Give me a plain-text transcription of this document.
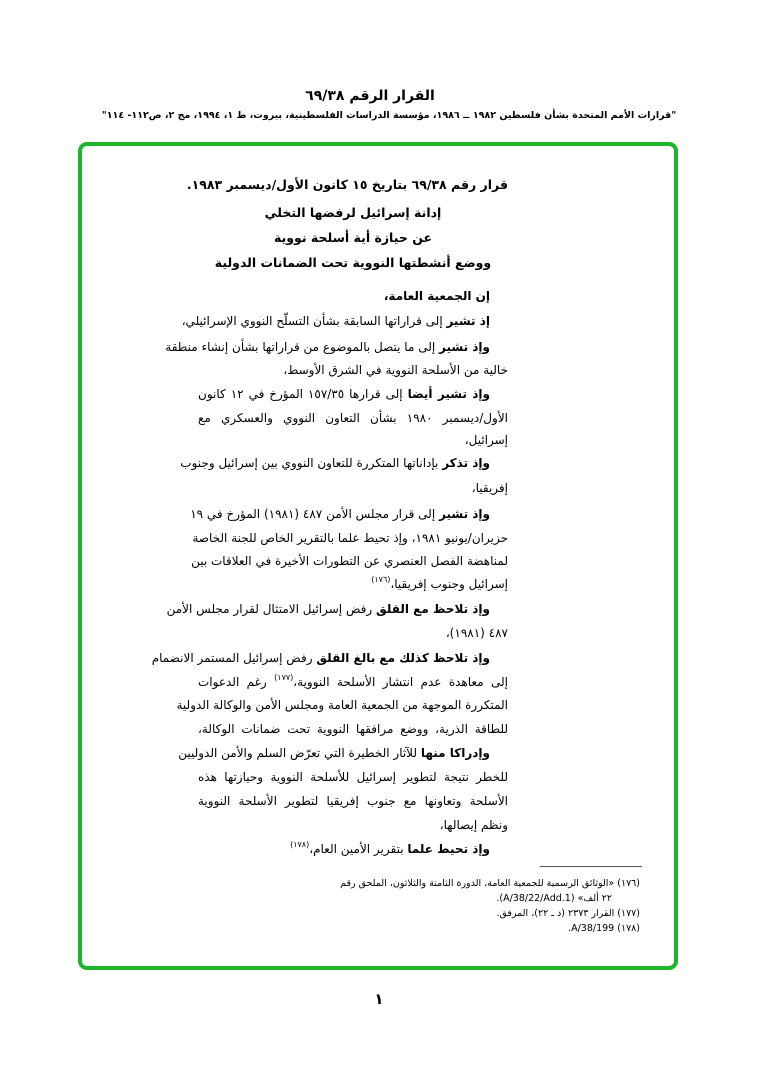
القرار الرقم ٦٩/٣٨
"قرارات الأمم المتحدة بشأن فلسطين ١٩٨٢ ــ ١٩٨٦، مؤسسة الدراسات الفلسطينية، بيروت، ط ١، ١٩٩٤، مج ٢، ص١١٢- ١١٤"
قرار رقم ٦٩/٣٨ بتاريخ ١٥ كانون الأول/ديسمبر ١٩٨٣.
إدانة إسرائيل لرفضها التخلي
عن حيازة أية أسلحة نووية
ووضع أنشطتها النووية تحت الضمانات الدولية
إن الجمعية العامة،
إذ تشير إلى قراراتها السابقة بشأن التسلّح النووي الإسرائيلي،
وإذ تشير إلى ما يتصل بالموضوع من قراراتها بشأن إنشاء منطقة
خالية من الأسلحة النووية في الشرق الأوسط،
وإذ تشير أيضا إلى قرارها ١٥٧/٣٥ المؤرخ في ١٢ كانون
الأول/ديسمبر ١٩٨٠ بشأن التعاون النووي والعسكري مع
إسرائيل،
وإذ تذكر بإداناتها المتكررة للتعاون النووي بين إسرائيل وجنوب
إفريقيا،
وإذ تشير إلى قرار مجلس الأمن ٤٨٧ (١٩٨١) المؤرخ في ١٩
حزيران/يونيو ١٩٨١، وإذ تحيط علما بالتقرير الخاص للجنة الخاصة
لمناهضة الفصل العنصري عن التطورات الأخيرة في العلاقات بين
إسرائيل وجنوب إفريقيا،$^{(١٧٦)}$
وإذ تلاحظ مع القلق رفض إسرائيل الامتثال لقرار مجلس الأمن
٤٨٧ (١٩٨١)،
وإذ تلاحظ كذلك مع بالغ القلق رفض إسرائيل المستمر الانضمام
إلى معاهدة عدم انتشار الأسلحة النووية،$^{(١٧٧)}$ رغم الدعوات
المتكررة الموجهة من الجمعية العامة ومجلس الأمن والوكالة الدولية
للطاقة الذرية، ووضع مرافقها النووية تحت ضمانات الوكالة،
وإدراكا منها للآثار الخطيرة التي تعرّض السلم والأمن الدوليين
للخطر نتيجة لتطوير إسرائيل للأسلحة النووية وحيازتها هذه
الأسلحة وتعاونها مع جنوب إفريقيا لتطوير الأسلحة النووية
ونظم إيصالها،
وإذ تحيط علما بتقرير الأمين العام،$^{(١٧٨)}$
(١٧٦) «الوثائق الرسمية للجمعية العامة، الدورة الثامنة والثلاثون، الملحق رقم
٢٢ ألف» (A/38/22/Add.1).
(١٧٧) القرار ٢٣٧٣ (د ـ ٢٢)، المرفق.
(١٧٨) A/38/199.
١
